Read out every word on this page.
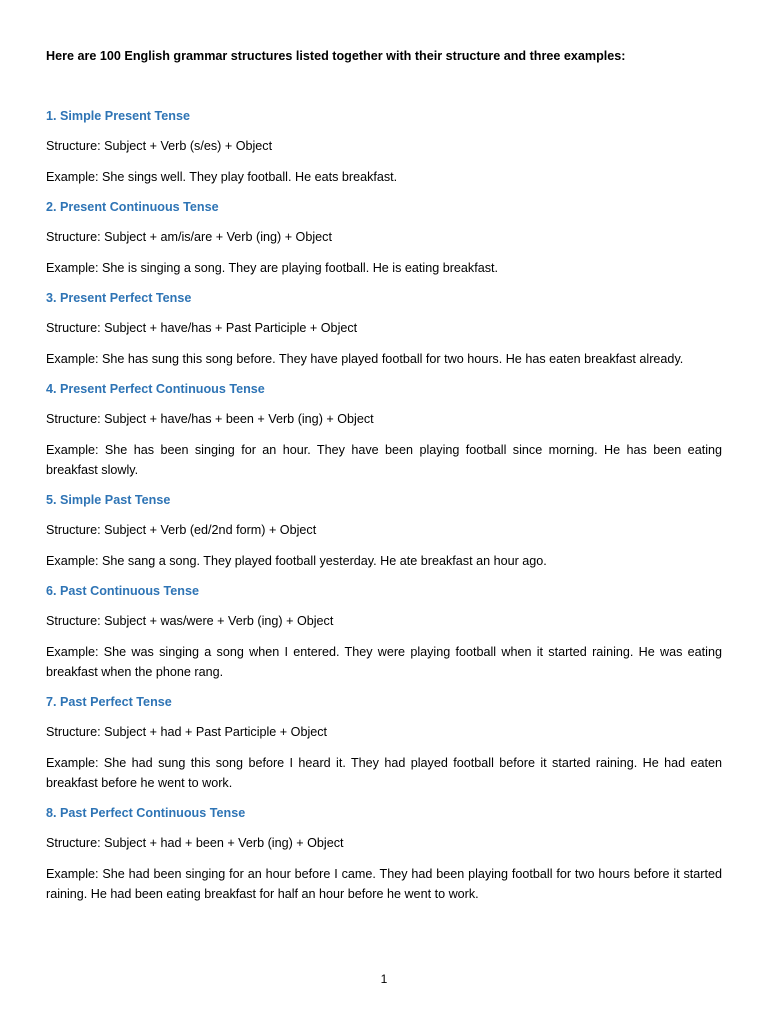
Here are 100 English grammar structures listed together with their structure and three examples:

1. Simple Present Tense

Structure: Subject + Verb (s/es) + Object

Example: She sings well. They play football. He eats breakfast.

2. Present Continuous Tense

Structure: Subject + am/is/are + Verb (ing) + Object

Example: She is singing a song. They are playing football. He is eating breakfast.

3. Present Perfect Tense

Structure: Subject + have/has + Past Participle + Object

Example: She has sung this song before. They have played football for two hours. He has eaten breakfast already.

4. Present Perfect Continuous Tense

Structure: Subject + have/has + been + Verb (ing) + Object

Example: She has been singing for an hour. They have been playing football since morning. He has been eating breakfast slowly.

5. Simple Past Tense

Structure: Subject + Verb (ed/2nd form) + Object

Example: She sang a song. They played football yesterday. He ate breakfast an hour ago.

6. Past Continuous Tense

Structure: Subject + was/were + Verb (ing) + Object

Example: She was singing a song when I entered. They were playing football when it started raining. He was eating breakfast when the phone rang.

7. Past Perfect Tense

Structure: Subject + had + Past Participle + Object

Example: She had sung this song before I heard it. They had played football before it started raining. He had eaten breakfast before he went to work.

8. Past Perfect Continuous Tense

Structure: Subject + had + been + Verb (ing) + Object

Example: She had been singing for an hour before I came. They had been playing football for two hours before it started raining. He had been eating breakfast for half an hour before he went to work.

1
